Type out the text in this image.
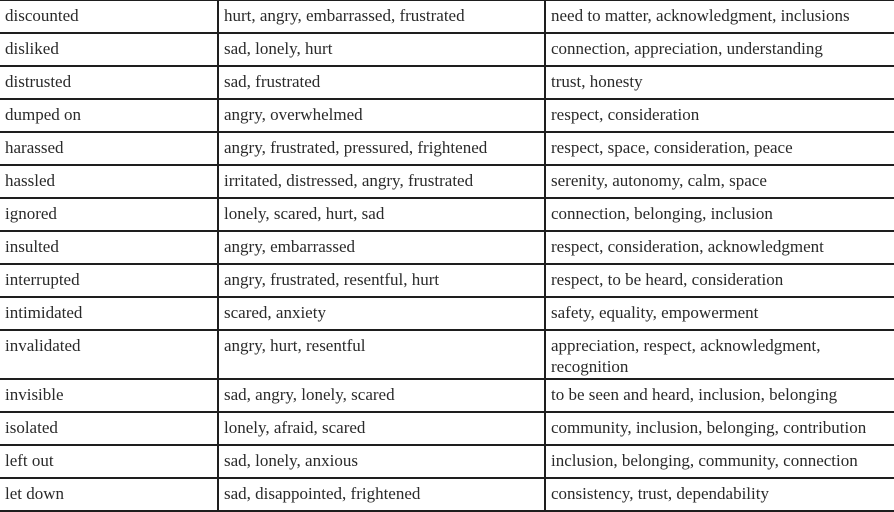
discounted	hurt, angry, embarrassed, frustrated	need to matter, acknowledgment, inclusions
disliked	sad, lonely, hurt	connection, appreciation, understanding
distrusted	sad, frustrated	trust, honesty
dumped on	angry, overwhelmed	respect, consideration
harassed	angry, frustrated, pressured, frightened	respect, space, consideration, peace
hassled	irritated, distressed, angry, frustrated	serenity, autonomy, calm, space
ignored	lonely, scared, hurt, sad	connection, belonging, inclusion
insulted	angry, embarrassed	respect, consideration, acknowledgment
interrupted	angry, frustrated, resentful, hurt	respect, to be heard, consideration
intimidated	scared, anxiety	safety, equality, empowerment
invalidated	angry, hurt, resentful	appreciation, respect, acknowledgment, recognition
invisible	sad, angry, lonely, scared	to be seen and heard, inclusion, belonging
isolated	lonely, afraid, scared	community, inclusion, belonging, contribution
left out	sad, lonely, anxious	inclusion, belonging, community, connection
let down	sad, disappointed, frightened	consistency, trust, dependability
